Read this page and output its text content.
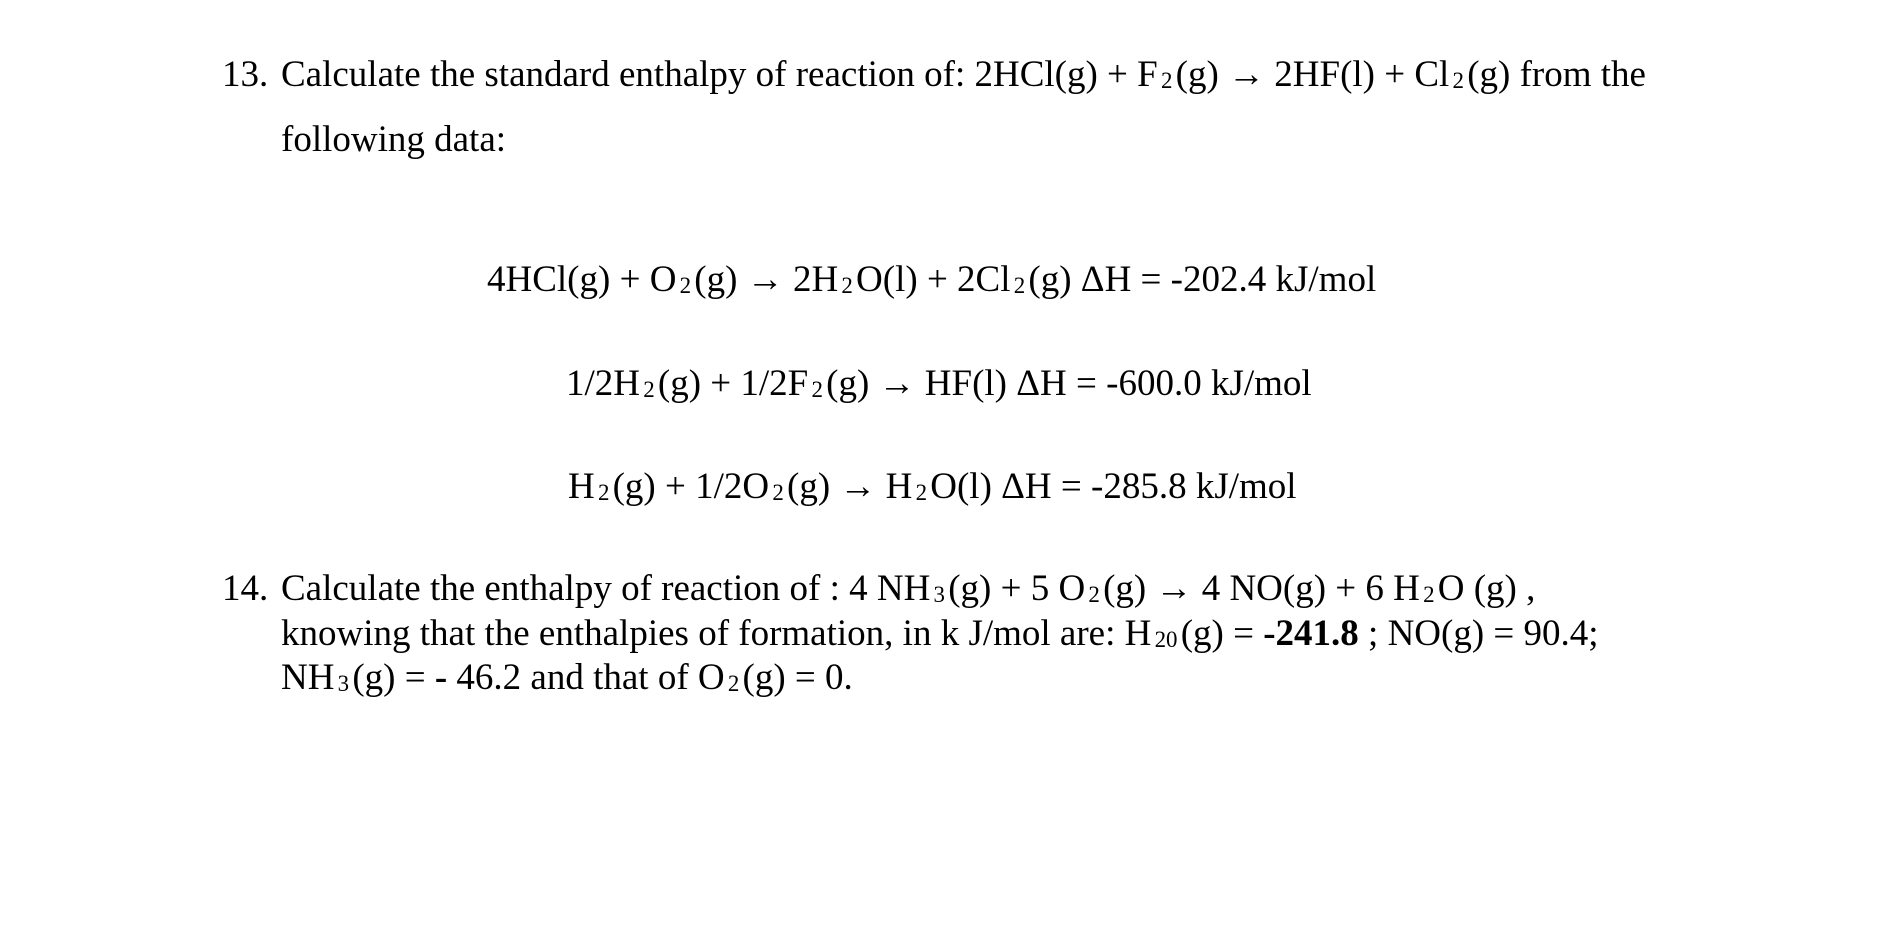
13. Calculate the standard enthalpy of reaction of: 2HCl(g) + F 2(g) → 2HF(l) + Cl 2(g) from the
following data:
4HCl(g) + O 2(g) → 2H 2O(l) + 2Cl 2(g) ΔH = -202.4 kJ/mol
1/2H 2(g) + 1/2F 2(g) → HF(l) ΔH = -600.0 kJ/mol
H 2(g) + 1/2O 2(g) → H 2O(l) ΔH = -285.8 kJ/mol
14. Calculate the enthalpy of reaction of : 4 NH 3(g) + 5 O 2(g) → 4 NO(g) + 6 H 2O (g) ,
knowing that the enthalpies of formation, in k J/mol are: H 20(g) = -241.8 ; NO(g) = 90.4;
NH 3(g) = - 46.2 and that of O 2(g) = 0.
